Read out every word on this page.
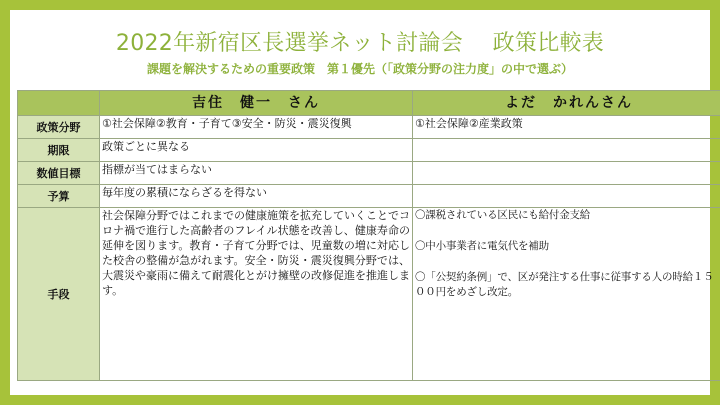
2022年新宿区長選挙ネット討論会　 政策比較表
課題を解決するための重要政策　第１優先（「政策分野の注力度」の中で選ぶ）
	吉住　健一　さん	よだ　かれんさん
政策分野	①社会保障②教育・子育て③安全・防災・震災復興	①社会保障②産業政策
期限	政策ごとに異なる	
数値目標	指標が当てはまらない	
予算	毎年度の累積にならざるを得ない	
手段	社会保障分野ではこれまでの健康施策を拡充していくことでコロナ禍で進行した高齢者のフレイル状態を改善し、健康寿命の延伸を図ります。教育・子育て分野では、児童数の増に対応した校舎の整備が急がれます。安全・防災・震災復興分野では、大震災や豪雨に備えて耐震化とがけ擁壁の改修促進を推進します。	〇課税されている区民にも給付金支給
〇中小事業者に電気代を補助
〇「公契約条例」で、区が発注する仕事に従事する人の時給１５００円をめざし改定。
